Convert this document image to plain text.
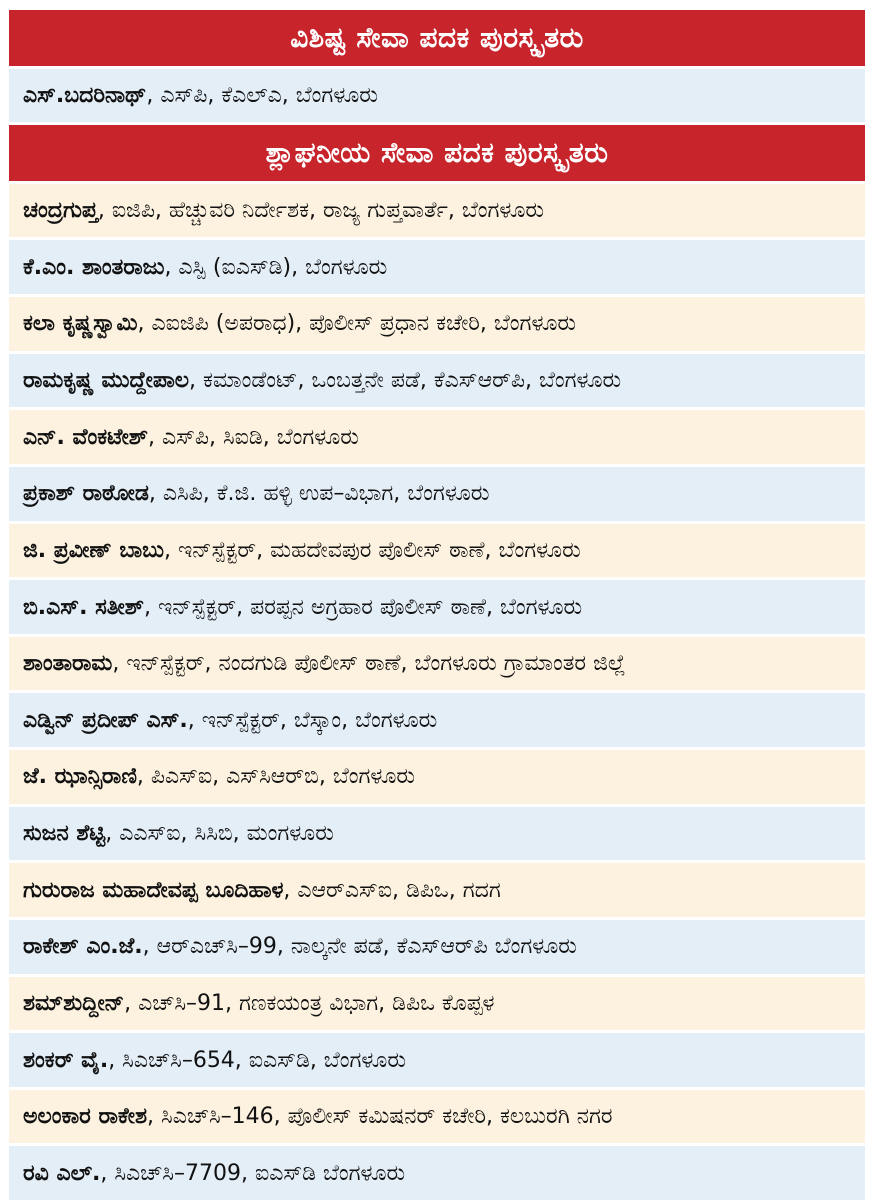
ವಿಶಿಷ್ಟ ಸೇವಾ ಪದಕ ಪುರಸ್ಕೃತರು
ಎಸ್.ಬದರಿನಾಥ್ , ಎಸ್‌ಪಿ, ಕೆಎಲ್‌ಎ, ಬೆಂಗಳೂರು
ಶ್ಲಾಘನೀಯ ಸೇವಾ ಪದಕ ಪುರಸ್ಕೃತರು
ಚಂದ್ರಗುಪ್ತ , ಐಜಿಪಿ, ಹೆಚ್ಚುವರಿ ನಿರ್ದೇಶಕ, ರಾಜ್ಯ ಗುಪ್ತವಾರ್ತೆ, ಬೆಂಗಳೂರು
ಕೆ.ಎಂ. ಶಾಂತರಾಜು , ಎಸ್ಪಿ (ಐಎಸ್‌ಡಿ), ಬೆಂಗಳೂರು
ಕಲಾ ಕೃಷ್ಣಸ್ವಾಮಿ , ಎಐಜಿಪಿ (ಅಪರಾಧ), ಪೊಲೀಸ್ ಪ್ರಧಾನ ಕಚೇರಿ, ಬೆಂಗಳೂರು
ರಾಮಕೃಷ್ಣ ಮುದ್ದೇಪಾಲ , ಕಮಾಂಡೆಂಟ್, ಒಂಬತ್ತನೇ ಪಡೆ, ಕೆಎಸ್‌ಆರ್‌ಪಿ, ಬೆಂಗಳೂರು
ಎನ್. ವೆಂಕಟೇಶ್ , ಎಸ್‌ಪಿ, ಸಿಐಡಿ, ಬೆಂಗಳೂರು
ಪ್ರಕಾಶ್ ರಾಠೋಡ , ಎಸಿಪಿ, ಕೆ.ಜಿ. ಹಳ್ಳಿ ಉಪ–ವಿಭಾಗ, ಬೆಂಗಳೂರು
ಜಿ. ಪ್ರವೀಣ್ ಬಾಬು , ಇನ್‌ಸ್ಪೆಕ್ಟರ್, ಮಹದೇವಪುರ ಪೊಲೀಸ್ ಠಾಣೆ, ಬೆಂಗಳೂರು
ಬಿ.ಎಸ್. ಸತೀಶ್ , ಇನ್‌ಸ್ಪೆಕ್ಟರ್, ಪರಪ್ಪನ ಅಗ್ರಹಾರ ಪೊಲೀಸ್ ಠಾಣೆ, ಬೆಂಗಳೂರು
ಶಾಂತಾರಾಮ , ಇನ್‌ಸ್ಪೆಕ್ಟರ್, ನಂದಗುಡಿ ಪೊಲೀಸ್ ಠಾಣೆ, ಬೆಂಗಳೂರು ಗ್ರಾಮಾಂತರ ಜಿಲ್ಲೆ
ಎಡ್ವಿನ್ ಪ್ರದೀಪ್ ಎಸ್. , ಇನ್‌ಸ್ಪೆಕ್ಟರ್, ಬೆಸ್ಕಾಂ, ಬೆಂಗಳೂರು
ಜೆ. ಝಾನ್ಸಿರಾಣಿ , ಪಿಎಸ್‌ಐ, ಎಸ್‌ಸಿಆರ್‌ಬಿ, ಬೆಂಗಳೂರು
ಸುಜನ ಶೆಟ್ಟಿ , ಎಎಸ್‌ಐ, ಸಿಸಿಬಿ, ಮಂಗಳೂರು
ಗುರುರಾಜ ಮಹಾದೇವಪ್ಪ ಬೂದಿಹಾಳ , ಎಆರ್‌ಎಸ್‌ಐ, ಡಿಪಿಒ, ಗದಗ
ರಾಕೇಶ್ ಎಂ.ಜೆ. , ಆರ್‌ಎಚ್‌ಸಿ–99, ನಾಲ್ಕನೇ ಪಡೆ, ಕೆಎಸ್‌ಆರ್‌ಪಿ ಬೆಂಗಳೂರು
ಶಮ್‌ಶುದ್ದೀನ್ , ಎಚ್‌ಸಿ–91, ಗಣಕಯಂತ್ರ ವಿಭಾಗ, ಡಿಪಿಒ ಕೊಪ್ಪಳ
ಶಂಕರ್ ವೈ. , ಸಿಎಚ್‌ಸಿ–654, ಐಎಸ್‌ಡಿ, ಬೆಂಗಳೂರು
ಅಲಂಕಾರ ರಾಕೇಶ , ಸಿಎಚ್‌ಸಿ–146, ಪೊಲೀಸ್ ಕಮಿಷನರ್ ಕಚೇರಿ, ಕಲಬುರಗಿ ನಗರ
ರವಿ ಎಲ್. , ಸಿಎಚ್‌ಸಿ–7709, ಐಎಸ್‌ಡಿ ಬೆಂಗಳೂರು
